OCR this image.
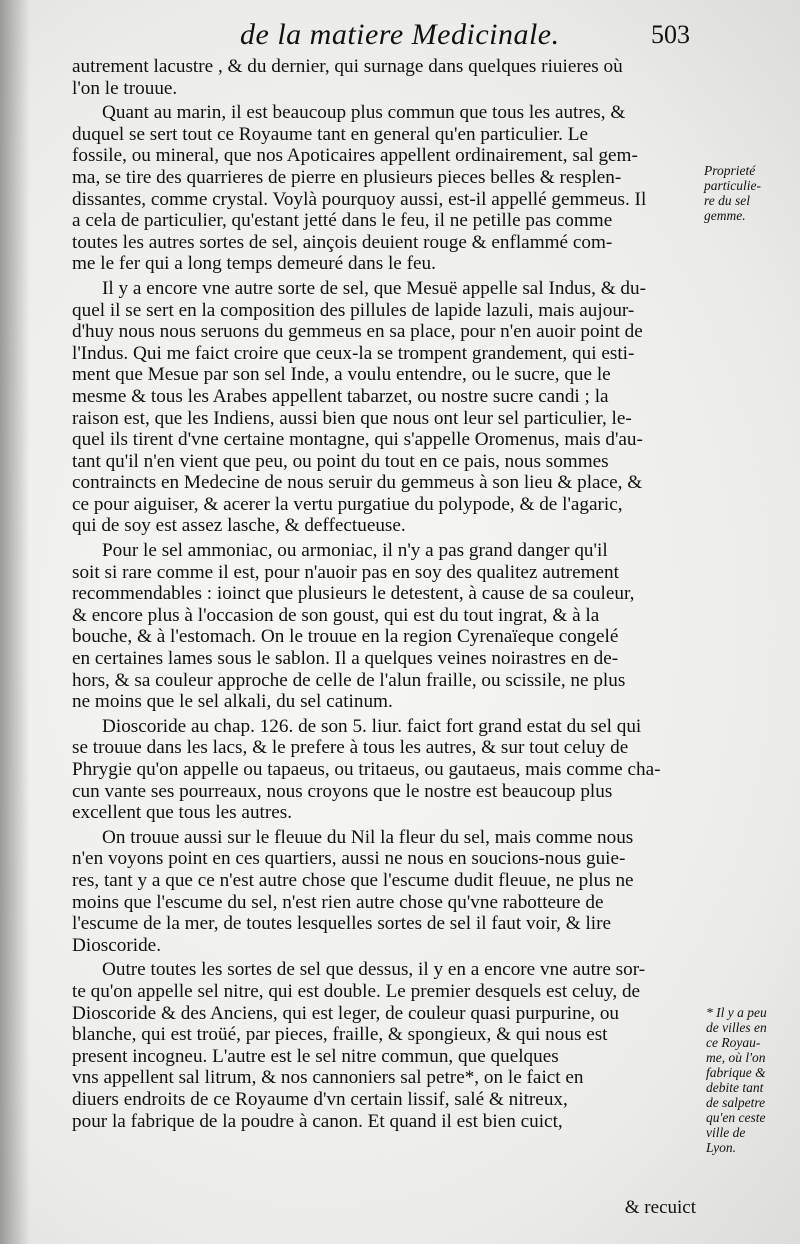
de la matiere Medicinale.	503
autrement lacustre , & du dernier, qui surnage dans quelques riuieres où
l'on le trouue.
Quant au marin, il est beaucoup plus commun que tous les autres, &
duquel se sert tout ce Royaume tant en general qu'en particulier. Le
fossile, ou mineral, que nos Apoticaires appellent ordinairement, sal gem-
ma, se tire des quarrieres de pierre en plusieurs pieces belles & resplen-
dissantes, comme crystal. Voylà pourquoy aussi, est-il appellé gemmeus. Il
a cela de particulier, qu'estant jetté dans le feu, il ne petille pas comme
toutes les autres sortes de sel, ainçois deuient rouge & enflammé com-
me le fer qui a long temps demeuré dans le feu.
Il y a encore vne autre sorte de sel, que Mesuë appelle sal Indus, & du-
quel il se sert en la composition des pillules de lapide lazuli, mais aujour-
d'huy nous nous seruons du gemmeus en sa place, pour n'en auoir point de
l'Indus. Qui me faict croire que ceux-la se trompent grandement, qui esti-
ment que Mesue par son sel Inde, a voulu entendre, ou le sucre, que le
mesme & tous les Arabes appellent tabarzet, ou nostre sucre candi ; la
raison est, que les Indiens, aussi bien que nous ont leur sel particulier, le-
quel ils tirent d'vne certaine montagne, qui s'appelle Oromenus, mais d'au-
tant qu'il n'en vient que peu, ou point du tout en ce pais, nous sommes
contraincts en Medecine de nous seruir du gemmeus à son lieu & place, &
ce pour aiguiser, & acerer la vertu purgatiue du polypode, & de l'agaric,
qui de soy est assez lasche, & deffectueuse.
Pour le sel ammoniac, ou armoniac, il n'y a pas grand danger qu'il
soit si rare comme il est, pour n'auoir pas en soy des qualitez autrement
recommendables : ioinct que plusieurs le detestent, à cause de sa couleur,
& encore plus à l'occasion de son goust, qui est du tout ingrat, & à la
bouche, & à l'estomach. On le trouue en la region Cyrenaïeque congelé
en certaines lames sous le sablon. Il a quelques veines noirastres en de-
hors, & sa couleur approche de celle de l'alun fraille, ou scissile, ne plus
ne moins que le sel alkali, du sel catinum.
Dioscoride au chap. 126. de son 5. liur. faict fort grand estat du sel qui
se trouue dans les lacs, & le prefere à tous les autres, & sur tout celuy de
Phrygie qu'on appelle ou tapaeus, ou tritaeus, ou gautaeus, mais comme cha-
cun vante ses pourreaux, nous croyons que le nostre est beaucoup plus
excellent que tous les autres.
On trouue aussi sur le fleuue du Nil la fleur du sel, mais comme nous
n'en voyons point en ces quartiers, aussi ne nous en soucions-nous guie-
res, tant y a que ce n'est autre chose que l'escume dudit fleuue, ne plus ne
moins que l'escume du sel, n'est rien autre chose qu'vne rabotteure de
l'escume de la mer, de toutes lesquelles sortes de sel il faut voir, & lire
Dioscoride.
Outre toutes les sortes de sel que dessus, il y en a encore vne autre sor-
te qu'on appelle sel nitre, qui est double. Le premier desquels est celuy, de
Dioscoride & des Anciens, qui est leger, de couleur quasi purpurine, ou
blanche, qui est troüé, par pieces, fraille, & spongieux, & qui nous est
present incogneu. L'autre est le sel nitre commun, que quelques
vns appellent sal litrum, & nos cannoniers sal petre*, on le faict en
diuers endroits de ce Royaume d'vn certain lissif, salé & nitreux,
pour la fabrique de la poudre à canon. Et quand il est bien cuict,
Proprieté
particulie-
re du sel
gemme.
* Il y a peu
de villes en
ce Royau-
me, où l'on
fabrique &
debite tant
de salpetre
qu'en ceste
ville de
Lyon.
& recuict
